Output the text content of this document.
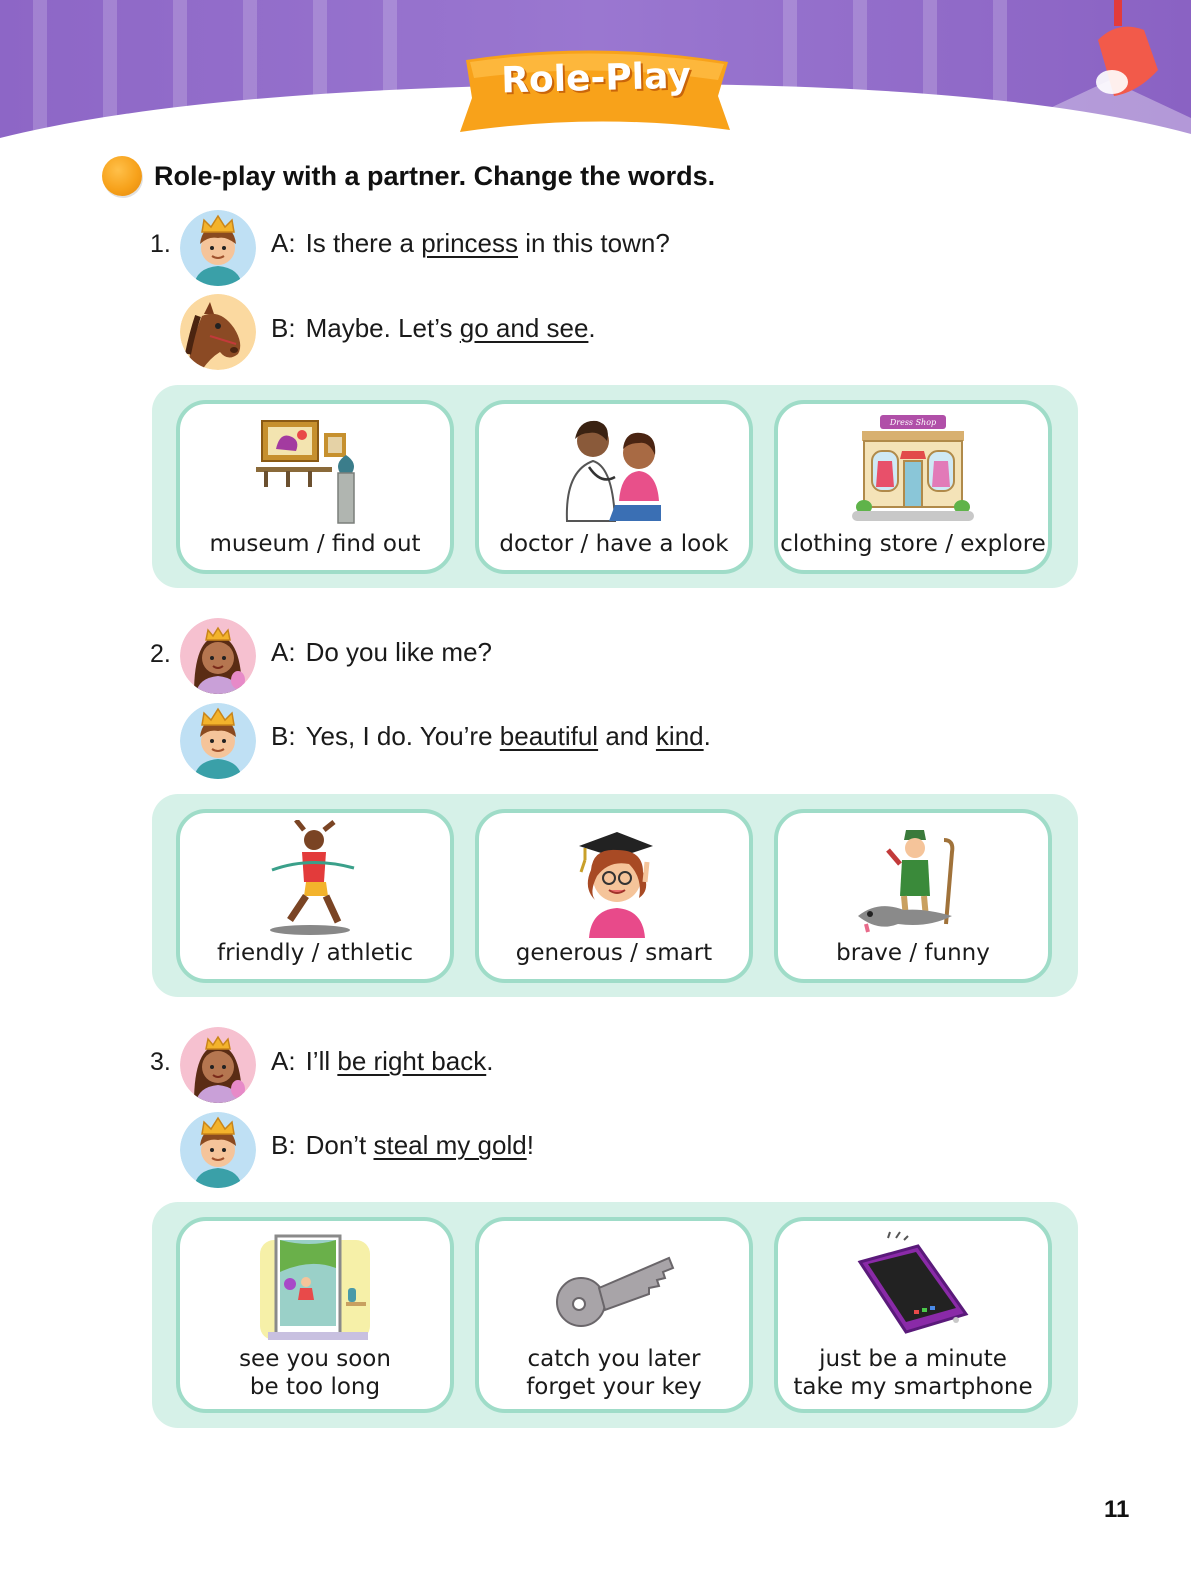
Role-Play
Role-play with a partner. Change the words.
1.	A: Is there a princess in this town?
B: Maybe. Let’s go and see.
museum / find out	doctor / have a look
Dress Shop
clothing store / explore
2.	A: Do you like me?
B: Yes, I do. You’re beautiful and kind.
friendly / athletic	generous / smart	brave / funny
3.	A: I’ll be right back.
B: Don’t steal my gold!
see you soon
be too long
catch you later
forget your key
just be a minute
take my smartphone
11
